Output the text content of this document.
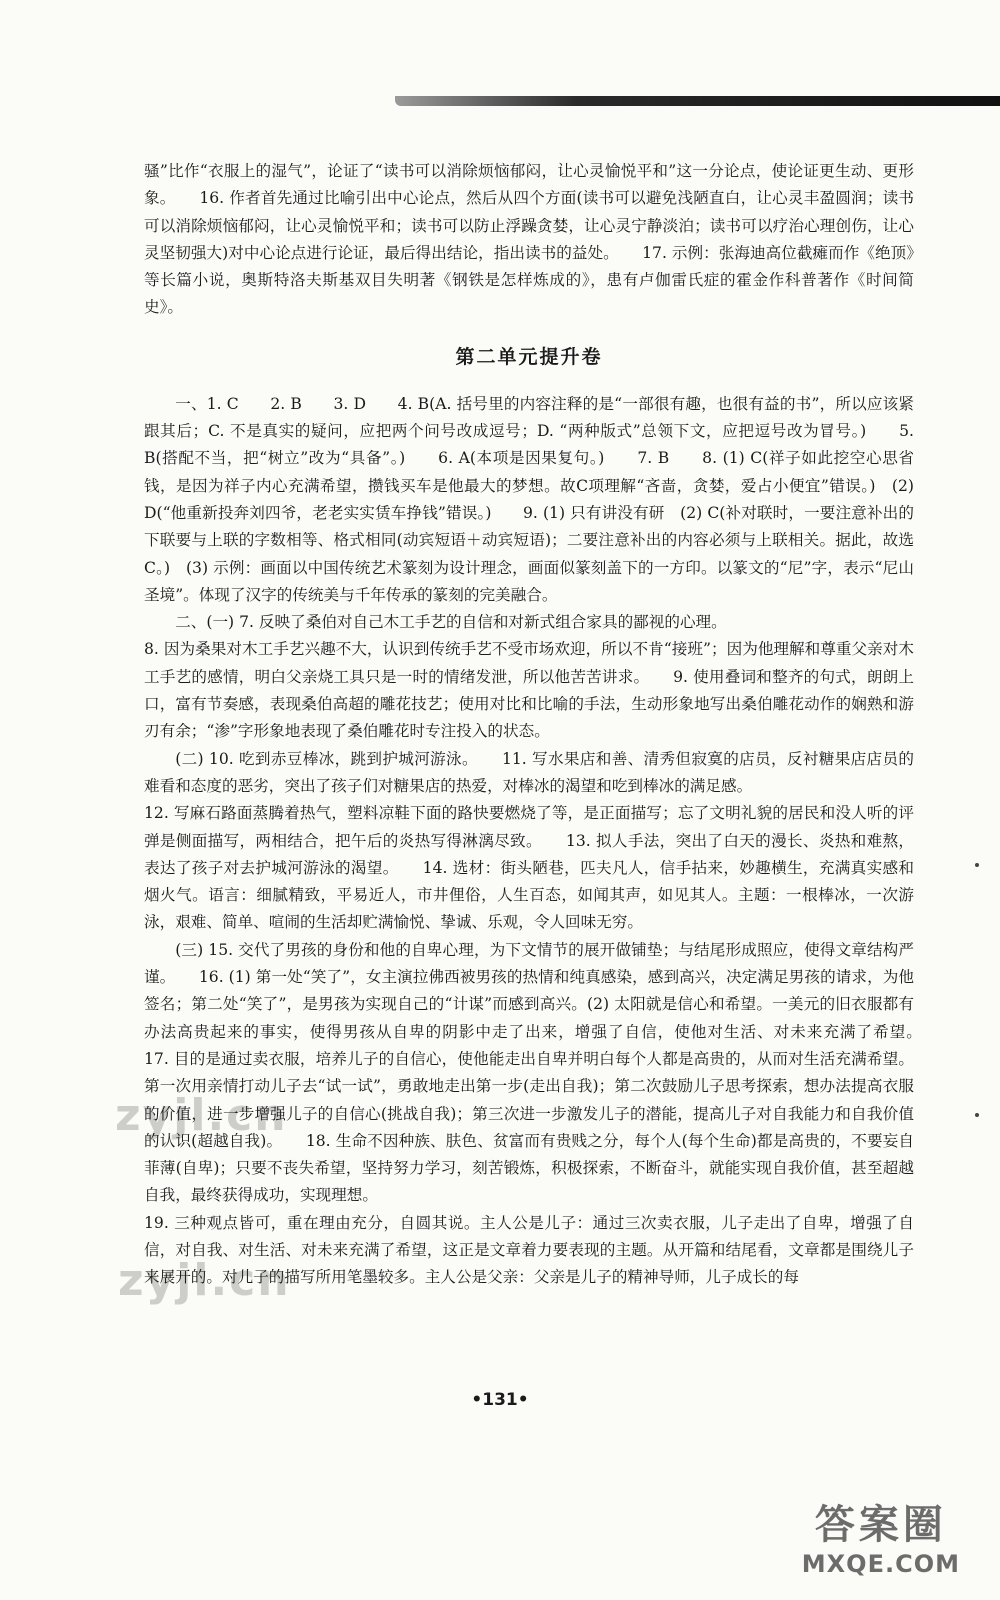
骚”比作“衣服上的湿气”，论证了“读书可以消除烦恼郁闷，让心灵愉悦平和”这一分论点，使论证更生动、更形象。　　16. 作者首先通过比喻引出中心论点，然后从四个方面(读书可以避免浅陋直白，让心灵丰盈圆润；读书可以消除烦恼郁闷，让心灵愉悦平和；读书可以防止浮躁贪婪，让心灵宁静淡泊；读书可以疗治心理创伤，让心灵坚韧强大)对中心论点进行论证，最后得出结论，指出读书的益处。　　17. 示例：张海迪高位截瘫而作《绝顶》等长篇小说，奥斯特洛夫斯基双目失明著《钢铁是怎样炼成的》，患有卢伽雷氏症的霍金作科普著作《时间简史》。

第二单元提升卷

一、1. C　　2. B　　3. D　　4. B(A. 括号里的内容注释的是“一部很有趣，也很有益的书”，所以应该紧跟其后；C. 不是真实的疑问，应把两个问号改成逗号；D. “两种版式”总领下文，应把逗号改为冒号。)　　5. B(搭配不当，把“树立”改为“具备”。)　　6. A(本项是因果复句。)　　7. B　　8. (1) C(祥子如此挖空心思省钱，是因为祥子内心充满希望，攒钱买车是他最大的梦想。故C项理解“吝啬，贪婪，爱占小便宜”错误。)　(2) D(“他重新投奔刘四爷，老老实实赁车挣钱”错误。)　　9. (1) 只有讲没有研　(2) C(补对联时，一要注意补出的下联要与上联的字数相等、格式相同(动宾短语＋动宾短语)；二要注意补出的内容必须与上联相关。据此，故选C。)　(3) 示例：画面以中国传统艺术篆刻为设计理念，画面似篆刻盖下的一方印。以篆文的“尼”字，表示“尼山圣境”。体现了汉字的传统美与千年传承的篆刻的完美融合。

二、(一) 7. 反映了桑伯对自己木工手艺的自信和对新式组合家具的鄙视的心理。

8. 因为桑果对木工手艺兴趣不大，认识到传统手艺不受市场欢迎，所以不肯“接班”；因为他理解和尊重父亲对木工手艺的感情，明白父亲烧工具只是一时的情绪发泄，所以他苦苦讲求。　　9. 使用叠词和整齐的句式，朗朗上口，富有节奏感，表现桑伯高超的雕花技艺；使用对比和比喻的手法，生动形象地写出桑伯雕花动作的娴熟和游刃有余；“渗”字形象地表现了桑伯雕花时专注投入的状态。

(二) 10. 吃到赤豆棒冰，跳到护城河游泳。　　11. 写水果店和善、清秀但寂寞的店员，反衬糖果店店员的难看和态度的恶劣，突出了孩子们对糖果店的热爱，对棒冰的渴望和吃到棒冰的满足感。

12. 写麻石路面蒸腾着热气，塑料凉鞋下面的路快要燃烧了等，是正面描写；忘了文明礼貌的居民和没人听的评弹是侧面描写，两相结合，把午后的炎热写得淋漓尽致。　　13. 拟人手法，突出了白天的漫长、炎热和难熬，表达了孩子对去护城河游泳的渴望。　　14. 选材：街头陋巷，匹夫凡人，信手拈来，妙趣横生，充满真实感和烟火气。语言：细腻精致，平易近人，市井俚俗，人生百态，如闻其声，如见其人。主题：一根棒冰，一次游泳，艰难、简单、喧闹的生活却贮满愉悦、挚诚、乐观，令人回味无穷。

(三) 15. 交代了男孩的身份和他的自卑心理，为下文情节的展开做铺垫；与结尾形成照应，使得文章结构严谨。　　16. (1) 第一处“笑了”，女主演拉佛西被男孩的热情和纯真感染，感到高兴，决定满足男孩的请求，为他签名；第二处“笑了”，是男孩为实现自己的“计谋”而感到高兴。(2) 太阳就是信心和希望。一美元的旧衣服都有办法高贵起来的事实，使得男孩从自卑的阴影中走了出来，增强了自信，使他对生活、对未来充满了希望。　　17. 目的是通过卖衣服，培养儿子的自信心，使他能走出自卑并明白每个人都是高贵的，从而对生活充满希望。第一次用亲情打动儿子去“试一试”，勇敢地走出第一步(走出自我)；第二次鼓励儿子思考探索，想办法提高衣服的价值，进一步增强儿子的自信心(挑战自我)；第三次进一步激发儿子的潜能，提高儿子对自我能力和自我价值的认识(超越自我)。　　18. 生命不因种族、肤色、贫富而有贵贱之分，每个人(每个生命)都是高贵的，不要妄自菲薄(自卑)；只要不丧失希望，坚持努力学习，刻苦锻炼，积极探索，不断奋斗，就能实现自我价值，甚至超越自我，最终获得成功，实现理想。

19. 三种观点皆可，重在理由充分，自圆其说。主人公是儿子：通过三次卖衣服，儿子走出了自卑，增强了自信，对自我、对生活、对未来充满了希望，这正是文章着力要表现的主题。从开篇和结尾看，文章都是围绕儿子来展开的。对儿子的描写所用笔墨较多。主人公是父亲：父亲是儿子的精神导师，儿子成长的每

•131•
zyjl.cn
zyjl.cn
答案圈
MXQE.COM
